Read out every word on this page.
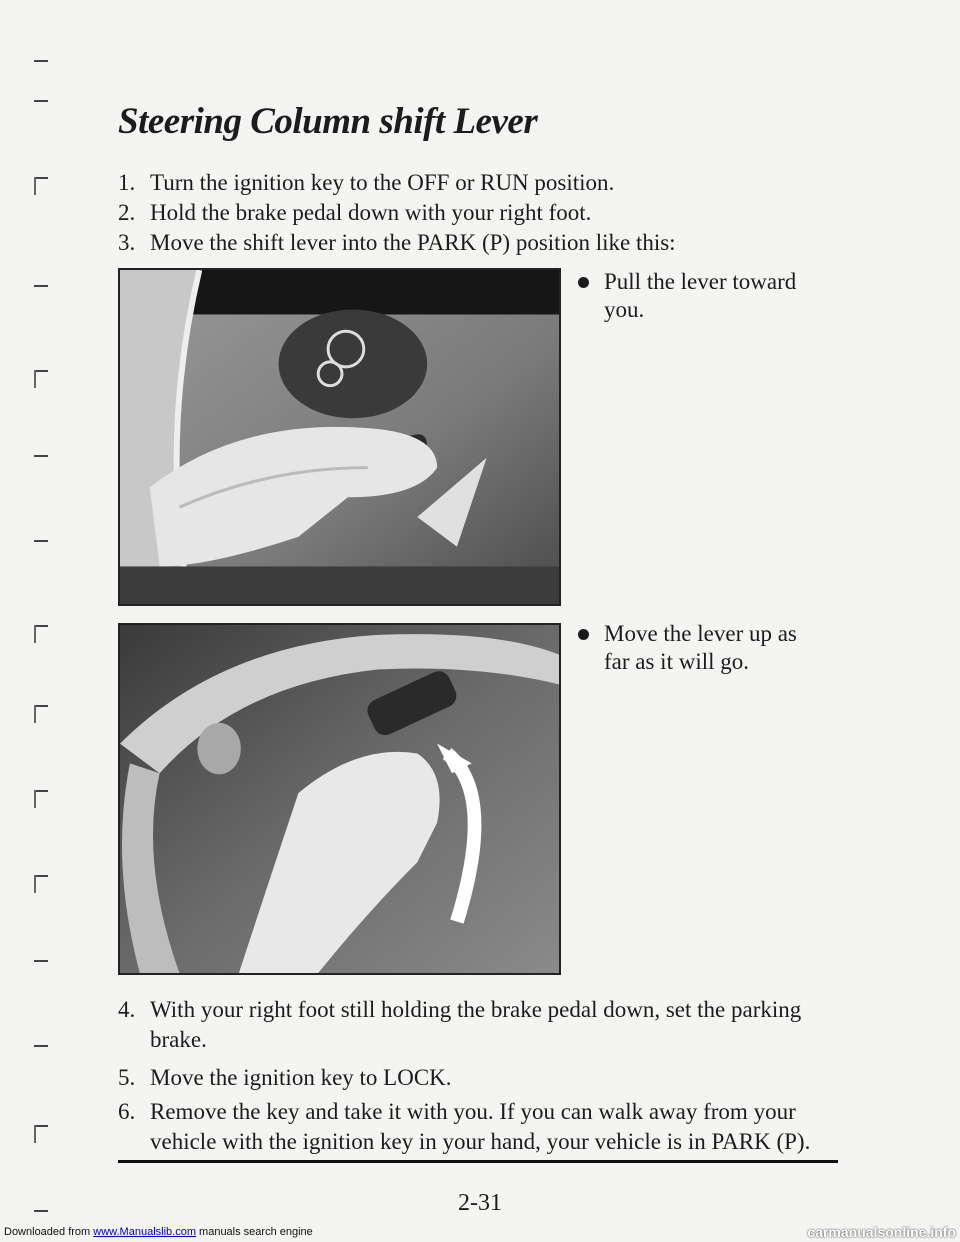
Steering Column shift Lever
1. Turn the ignition key to the OFF or RUN position.
2. Hold the brake pedal down with your right foot.
3. Move the shift lever into the PARK (P) position like this:
Pull the lever toward you.
Move the lever up as far as it will go.
4. With your right foot still holding the brake pedal down, set the parking
brake.
5. Move the ignition key to LOCK.
6. Remove the key and take it with you. If you can walk away from your
vehicle with the ignition key in your hand, your vehicle is in PARK (P).
2-31
Downloaded from www.Manualslib.com manuals search engine	carmanualsonline.info
